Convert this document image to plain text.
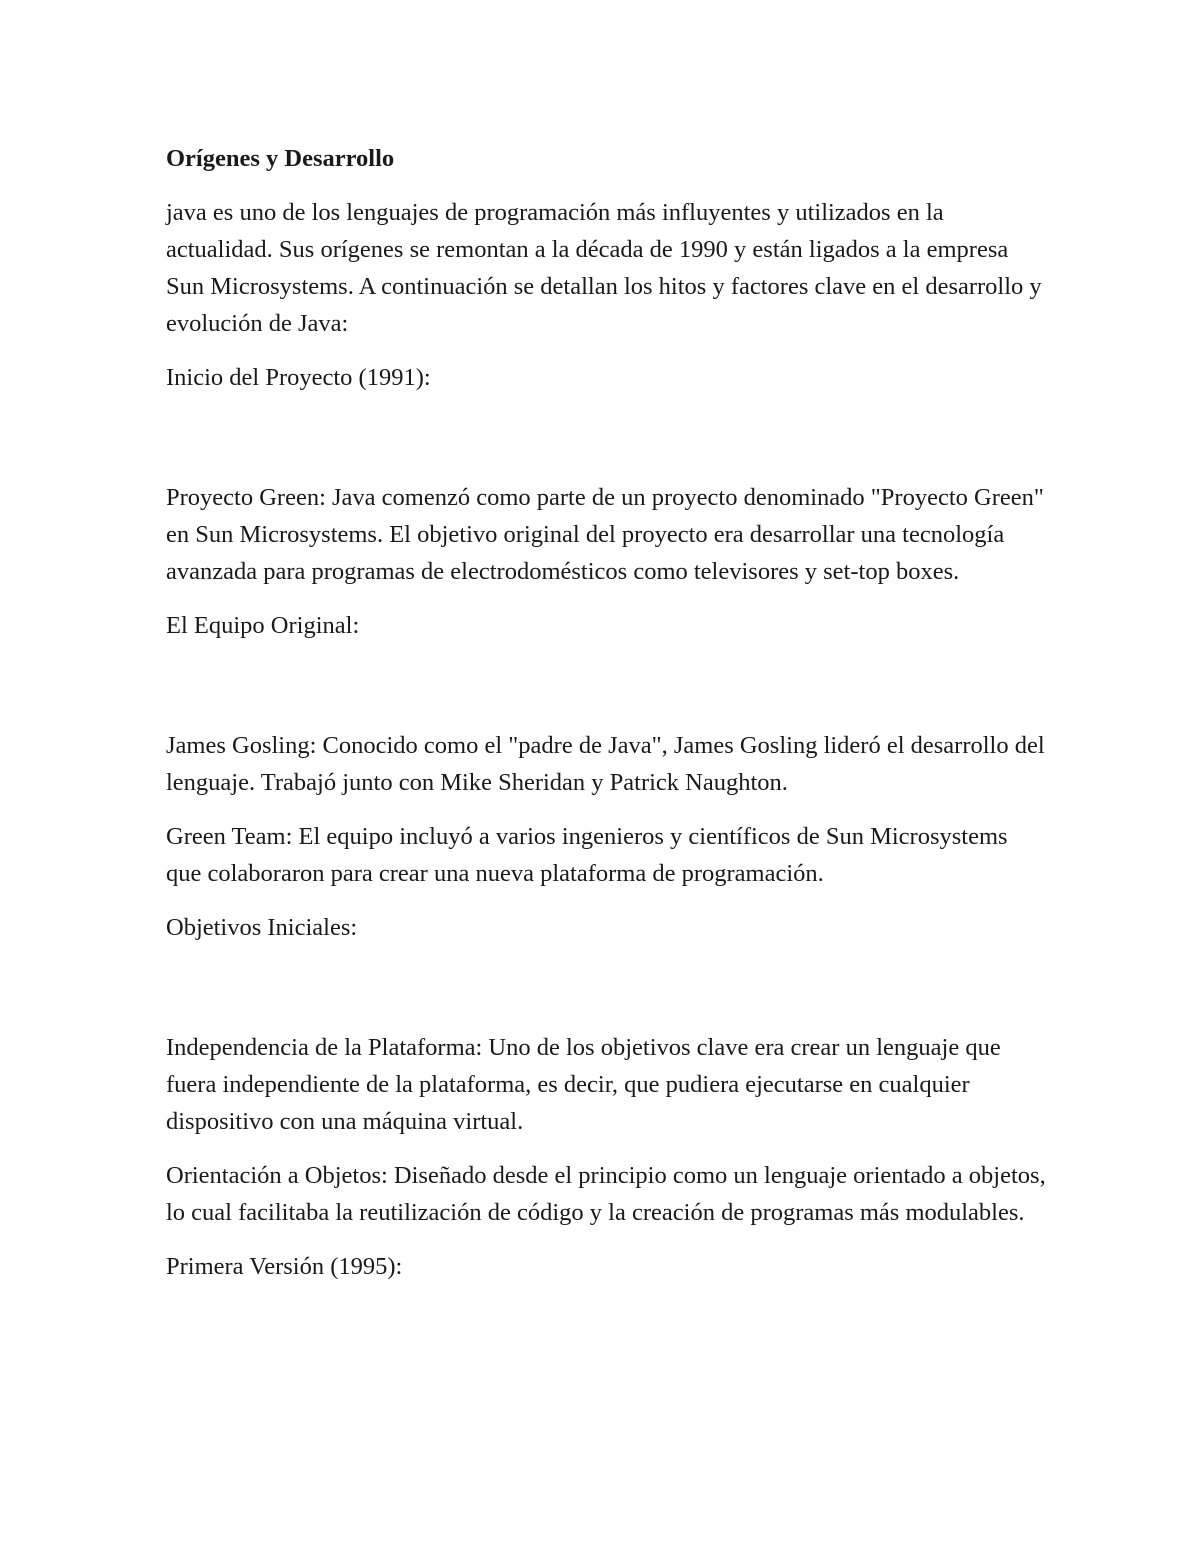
Orígenes y Desarrollo

java es uno de los lenguajes de programación más influyentes y utilizados en la actualidad. Sus orígenes se remontan a la década de 1990 y están ligados a la empresa Sun Microsystems. A continuación se detallan los hitos y factores clave en el desarrollo y evolución de Java:

Inicio del Proyecto (1991):

Proyecto Green: Java comenzó como parte de un proyecto denominado "Proyecto Green" en Sun Microsystems. El objetivo original del proyecto era desarrollar una tecnología avanzada para programas de electrodomésticos como televisores y set-top boxes.

El Equipo Original:

James Gosling: Conocido como el "padre de Java", James Gosling lideró el desarrollo del lenguaje. Trabajó junto con Mike Sheridan y Patrick Naughton.

Green Team: El equipo incluyó a varios ingenieros y científicos de Sun Microsystems que colaboraron para crear una nueva plataforma de programación.

Objetivos Iniciales:

Independencia de la Plataforma: Uno de los objetivos clave era crear un lenguaje que fuera independiente de la plataforma, es decir, que pudiera ejecutarse en cualquier dispositivo con una máquina virtual.

Orientación a Objetos: Diseñado desde el principio como un lenguaje orientado a objetos, lo cual facilitaba la reutilización de código y la creación de programas más modulables.

Primera Versión (1995):
